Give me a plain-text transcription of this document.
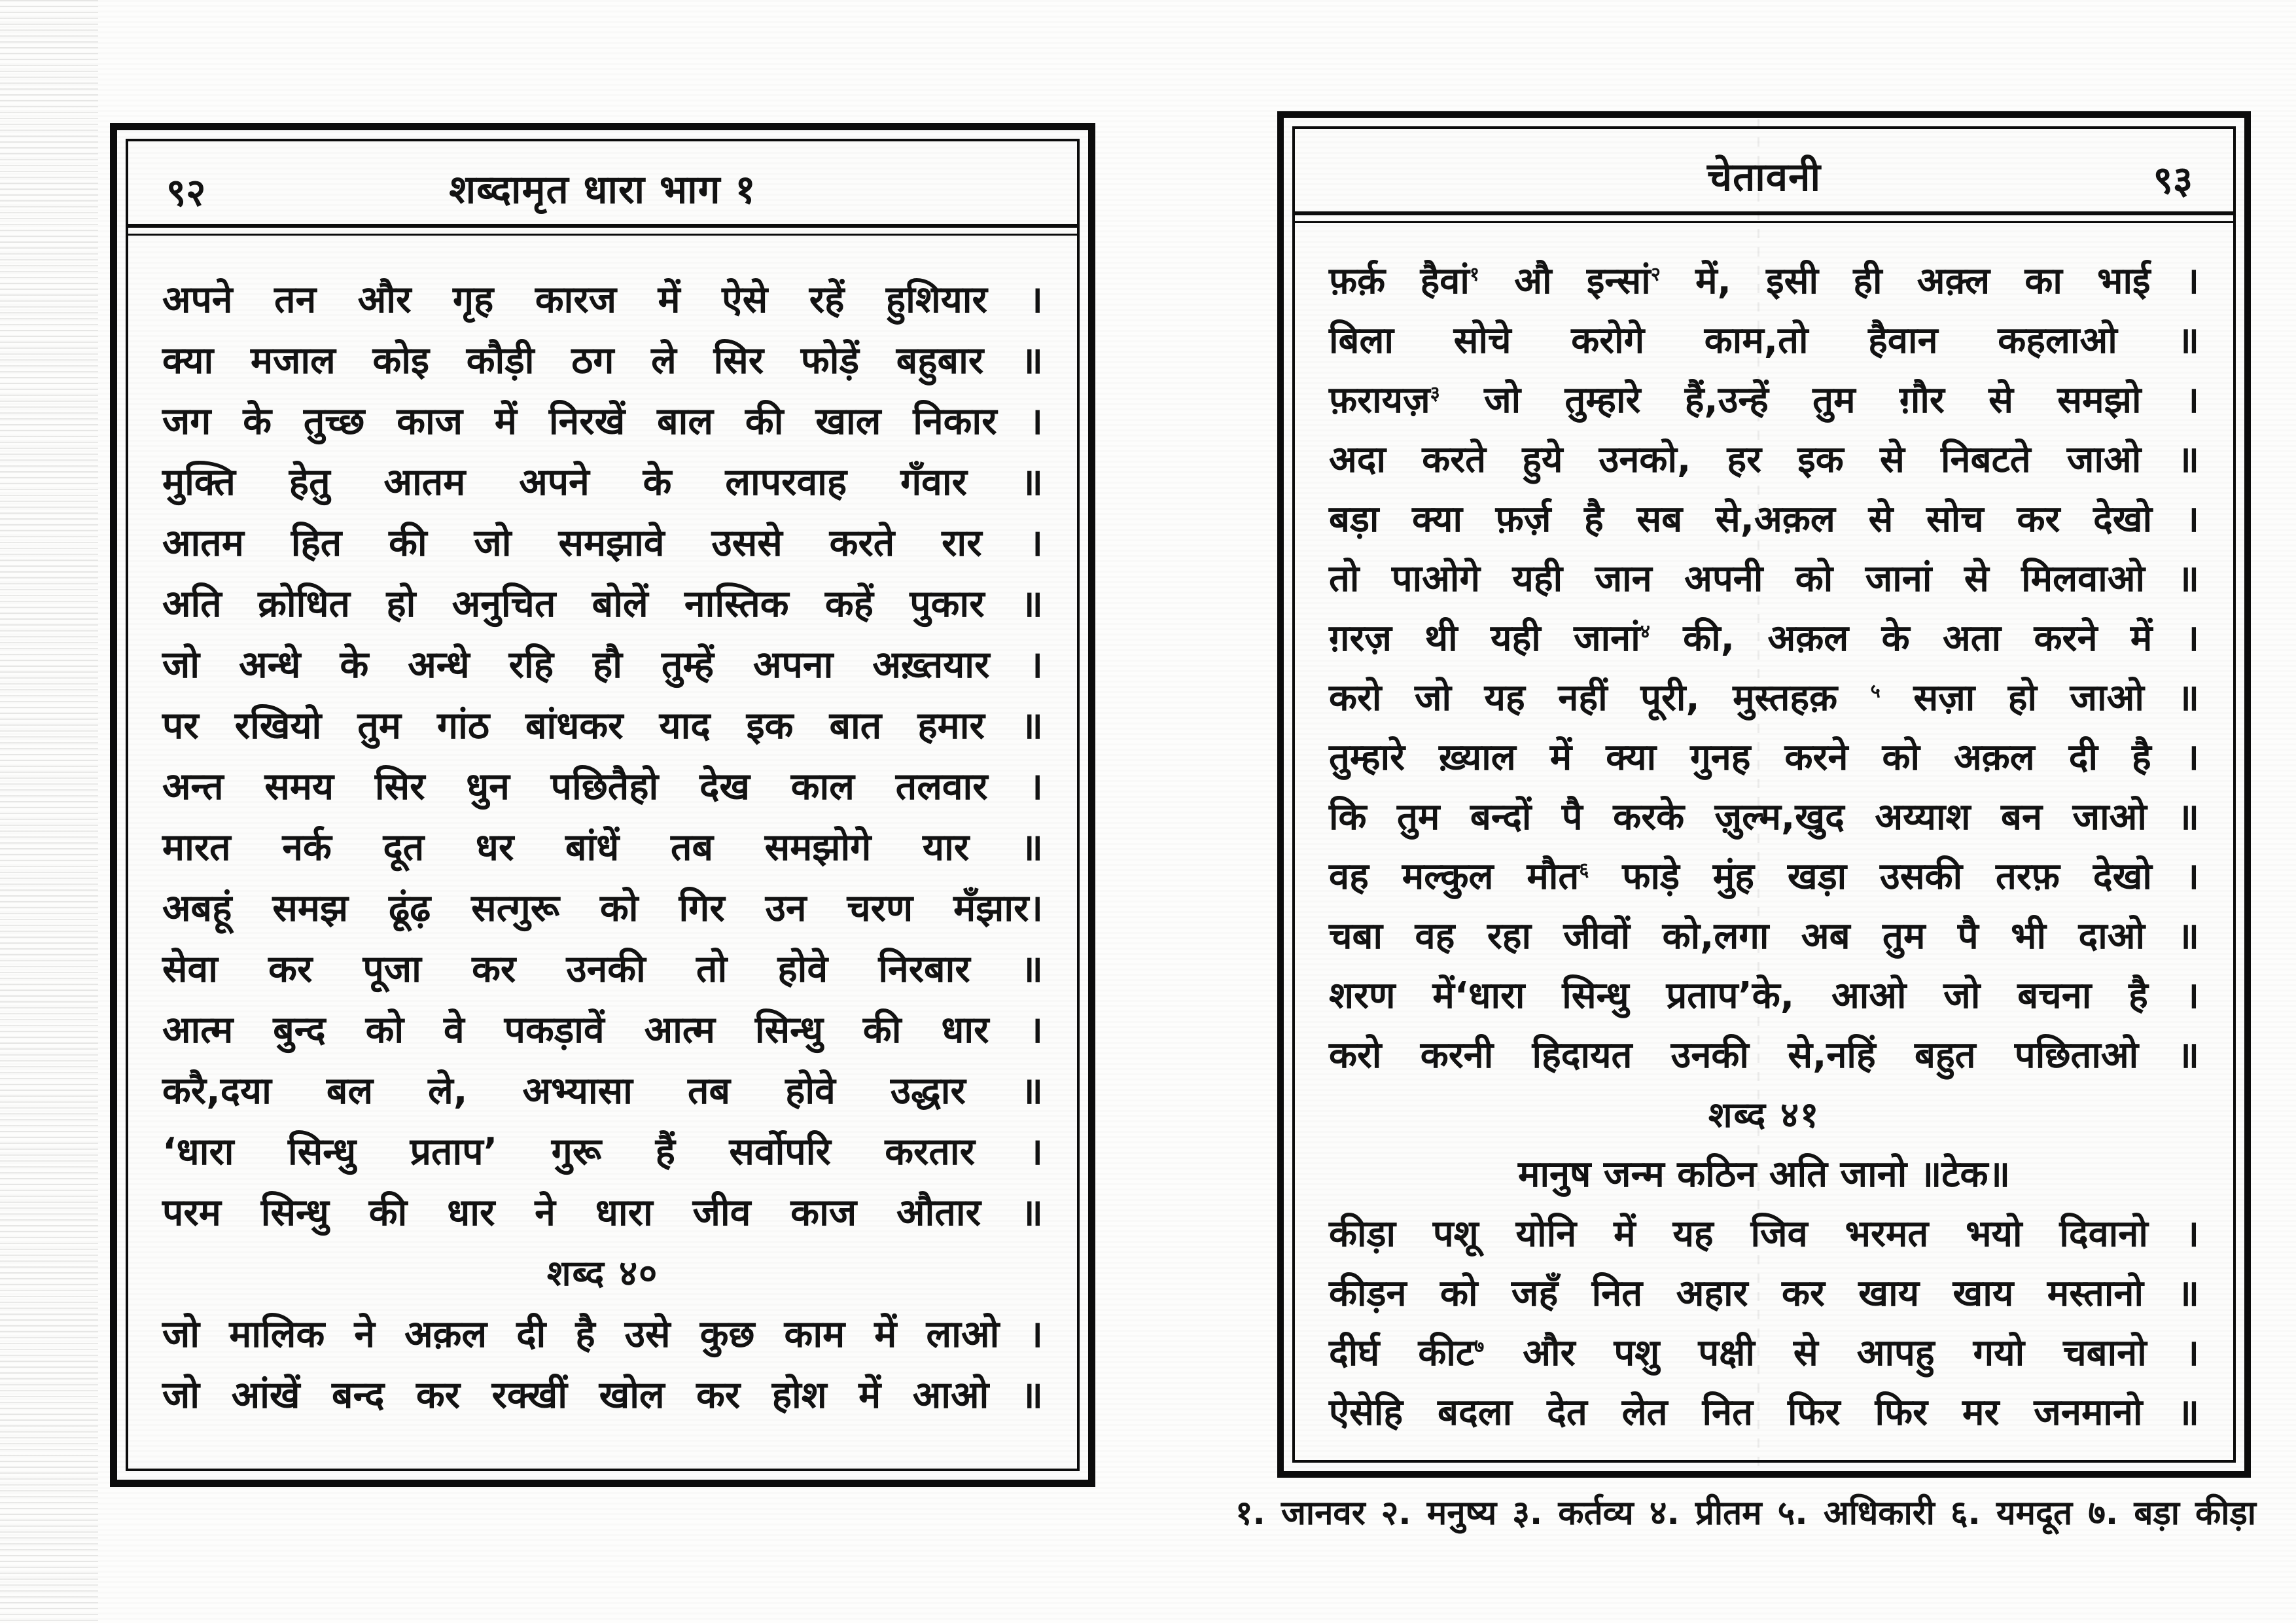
९२	शब्दामृत धारा भाग १
अपने तन और गृह कारज में ऐसे रहें हुशियार ।
क्या मजाल कोइ कौड़ी ठग ले सिर फोड़ें बहुबार ॥
जग के तुच्छ काज में निरखें बाल की खाल निकार ।
मुक्ति हेतु आतम अपने के लापरवाह गँवार ॥
आतम हित की जो समझावे उससे करते रार ।
अति क्रोधित हो अनुचित बोलें नास्तिक कहें पुकार ॥
जो अन्धे के अन्धे रहि हौ तुम्हें अपना अख़्तयार ।
पर रखियो तुम गांठ बांधकर याद इक बात हमार ॥
अन्त समय सिर धुन पछितैहो देख काल तलवार ।
मारत नर्क दूत धर बांधें तब समझोगे यार ॥
अबहूं समझ ढूंढ़ सत्गुरू को गिर उन चरण मँझार।
सेवा कर पूजा कर उनकी तो होवे निरबार ॥
आत्म बुन्द को वे पकड़ावें आत्म सिन्धु की धार ।
करै,दया बल ले, अभ्यासा तब होवे उद्धार ॥
‘धारा सिन्धु प्रताप’ गुरू हैं सर्वोपरि करतार ।
परम सिन्धु की धार ने धारा जीव काज औतार ॥
शब्द ४०
जो मालिक ने अक़ल दी है उसे कुछ काम में लाओ ।
जो आंखें बन्द कर रक्खीं खोल कर होश में आओ ॥
चेतावनी	९३
फ़र्क़ हैवां$^१$ औ इन्सां$^२$ में, इसी ही अक़्ल का भाई ।
बिला सोचे करोगे काम,तो हैवान कहलाओ ॥
फ़रायज़$^३$ जो तुम्हारे हैं,उन्हें तुम ग़ौर से समझो ।
अदा करते हुये उनको, हर इक से निबटते जाओ ॥
बड़ा क्या फ़र्ज़ है सब से,अक़ल से सोच कर देखो ।
तो पाओगे यही जान अपनी को जानां से मिलवाओ ॥
ग़रज़ थी यही जानां$^४$ की, अक़ल के अता करने में ।
करो जो यह नहीं पूरी, मुस्तहक़ $^५$ सज़ा हो जाओ ॥
तुम्हारे ख़्याल में क्या गुनह करने को अक़ल दी है ।
कि तुम बन्दों पै करके ज़ुल्म,खुद अय्याश बन जाओ ॥
वह मल्कुल मौत$^६$ फाड़े मुंह खड़ा उसकी तरफ़ देखो ।
चबा वह रहा जीवों को,लगा अब तुम पै भी दाओ ॥
शरण में‘धारा सिन्धु प्रताप’के, आओ जो बचना है ।
करो करनी हिदायत उनकी से,नहिं बहुत पछिताओ ॥
शब्द ४१
मानुष जन्म कठिन अति जानो ॥टेक॥
कीड़ा पशू योनि में यह जिव भरमत भयो दिवानो ।
कीड़न को जहँ नित अहार कर खाय खाय मस्तानो ॥
दीर्घ कीट$^७$ और पशु पक्षी से आपहु गयो चबानो ।
ऐसेहि बदला देत लेत नित फिर फिर मर जनमानो ॥
१. जानवर २. मनुष्य ३. कर्तव्य ४. प्रीतम ५. अधिकारी ६. यमदूत ७. बड़ा कीड़ा
